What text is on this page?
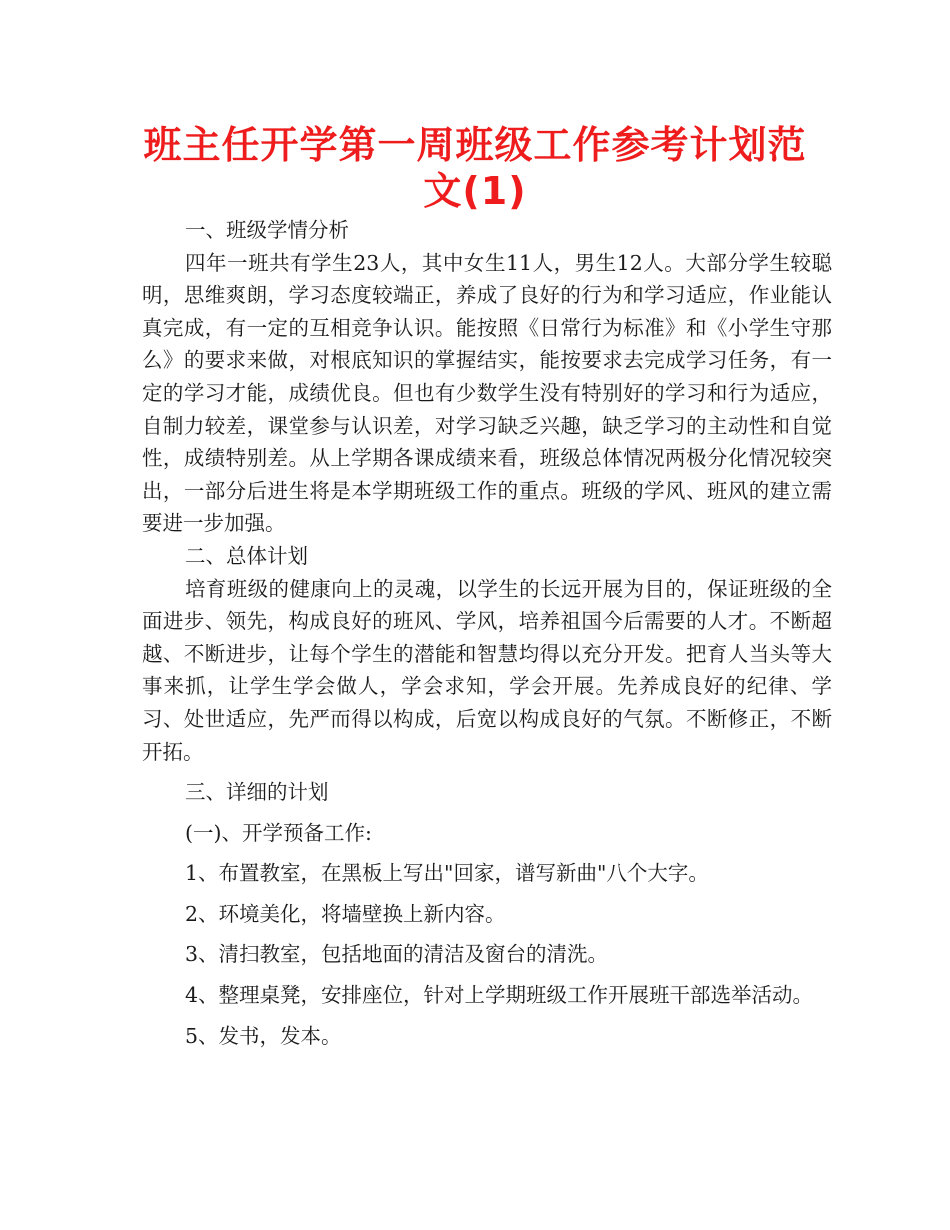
班主任开学第一周班级工作参考计划范文(1)

一、班级学情分析

四年一班共有学生23人，其中女生11人，男生12人。大部分学生较聪明，思维爽朗，学习态度较端正，养成了良好的行为和学习适应，作业能认真完成，有一定的互相竞争认识。能按照《日常行为标准》和《小学生守那么》的要求来做，对根底知识的掌握结实，能按要求去完成学习任务，有一定的学习才能，成绩优良。但也有少数学生没有特别好的学习和行为适应，自制力较差，课堂参与认识差，对学习缺乏兴趣，缺乏学习的主动性和自觉性，成绩特别差。从上学期各课成绩来看，班级总体情况两极分化情况较突出，一部分后进生将是本学期班级工作的重点。班级的学风、班风的建立需要进一步加强。

二、总体计划

培育班级的健康向上的灵魂，以学生的长远开展为目的，保证班级的全面进步、领先，构成良好的班风、学风，培养祖国今后需要的人才。不断超越、不断进步，让每个学生的潜能和智慧均得以充分开发。把育人当头等大事来抓，让学生学会做人，学会求知，学会开展。先养成良好的纪律、学习、处世适应，先严而得以构成，后宽以构成良好的气氛。不断修正，不断开拓。

三、详细的计划

(一)、开学预备工作:

1、布置教室，在黑板上写出"回家，谱写新曲"八个大字。

2、环境美化，将墙壁换上新内容。

3、清扫教室，包括地面的清洁及窗台的清洗。

4、整理桌凳，安排座位，针对上学期班级工作开展班干部选举活动。

5、发书，发本。
